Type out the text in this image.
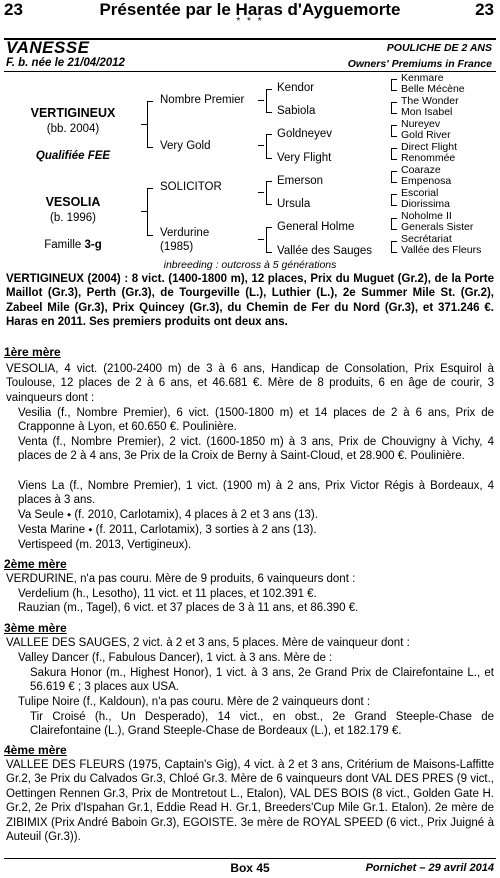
23	Présentée par le Haras d'Ayguemorte	23
* * *
VANESSE	POULICHE DE 2 ANS
F. b. née le 21/04/2012	Owners' Premiums in France
VERTIGINEUX
(bb. 2004)
Qualifiée FEE
VESOLIA
(b. 1996)
Famille 3-g
Nombre Premier
Very Gold
SOLICITOR
Verdurine
(1985)
Kendor
Sabiola
Goldneyev
Very Flight
Emerson
Ursula
General Holme
Vallée des Sauges
Kenmare
Belle Mécène
The Wonder
Mon Isabel
Nureyev
Gold River
Direct Flight
Renommée
Coaraze
Empenosa
Escorial
Diorissima
Noholme II
Generals Sister
Secrétariat
Vallée des Fleurs
inbreeding : outcross à 5 générations
VERTIGINEUX (2004) : 8 vict. (1400-1800 m), 12 places, Prix du Muguet (Gr.2), de la Porte Maillot (Gr.3), Perth (Gr.3), de Tourgeville (L.), Luthier (L.), 2e Summer Mile St. (Gr.2), Zabeel Mile (Gr.3), Prix Quincey (Gr.3), du Chemin de Fer du Nord (Gr.3), et 371.246 €. Haras en 2011. Ses premiers produits ont deux ans.
1ère mère
VESOLIA, 4 vict. (2100-2400 m) de 3 à 6 ans, Handicap de Consolation, Prix Esquirol à Toulouse, 12 places de 2 à 6 ans, et 46.681 €. Mère de 8 produits, 6 en âge de courir, 3 vainqueurs dont :
Vesilia (f., Nombre Premier), 6 vict. (1500-1800 m) et 14 places de 2 à 6 ans, Prix de Crapponne à Lyon, et 60.650 €. Poulinière.
Venta (f., Nombre Premier), 2 vict. (1600-1850 m) à 3 ans, Prix de Chouvigny à Vichy, 4 places de 2 à 4 ans, 3e Prix de la Croix de Berny à Saint-Cloud, et 28.900 €. Poulinière.
Viens La (f., Nombre Premier), 1 vict. (1900 m) à 2 ans, Prix Victor Régis à Bordeaux, 4 places à 3 ans.
Va Seule ⬩ (f. 2010, Carlotamix), 4 places à 2 et 3 ans (13).
Vesta Marine ⬩ (f. 2011, Carlotamix), 3 sorties à 2 ans (13).
Vertispeed (m. 2013, Vertigineux).
2ème mère
VERDURINE, n'a pas couru. Mère de 9 produits, 6 vainqueurs dont :
Verdelium (h., Lesotho), 11 vict. et 11 places, et 102.391 €.
Rauzian (m., Tagel), 6 vict. et 37 places de 3 à 11 ans, et 86.390 €.
3ème mère
VALLEE DES SAUGES, 2 vict. à 2 et 3 ans, 5 places. Mère de vainqueur dont :
Valley Dancer (f., Fabulous Dancer), 1 vict. à 3 ans. Mère de :
Sakura Honor (m., Highest Honor), 1 vict. à 3 ans, 2e Grand Prix de Clairefontaine L., et 56.619 € ; 3 places aux USA.
Tulipe Noire (f., Kaldoun), n'a pas couru. Mère de 2 vainqueurs dont :
Tir Croisé (h., Un Desperado), 14 vict., en obst., 2e Grand Steeple-Chase de Clairefontaine (L.), Grand Steeple-Chase de Bordeaux (L.), et 182.179 €.
4ème mère
VALLEE DES FLEURS (1975, Captain's Gig), 4 vict. à 2 et 3 ans, Critérium de Maisons-Laffitte Gr.2, 3e Prix du Calvados Gr.3, Chloé Gr.3. Mère de 6 vainqueurs dont VAL DES PRES (9 vict., Oettingen Rennen Gr.3, Prix de Montretout L., Etalon), VAL DES BOIS (8 vict., Golden Gate H. Gr.2, 2e Prix d'Ispahan Gr.1, Eddie Read H. Gr.1, Breeders'Cup Mile Gr.1. Etalon). 2e mère de ZIBIMIX (Prix André Baboin Gr.3), EGOISTE. 3e mère de ROYAL SPEED (6 vict., Prix Juigné à Auteuil (Gr.3)).
Box 45	Pornichet – 29 avril 2014
